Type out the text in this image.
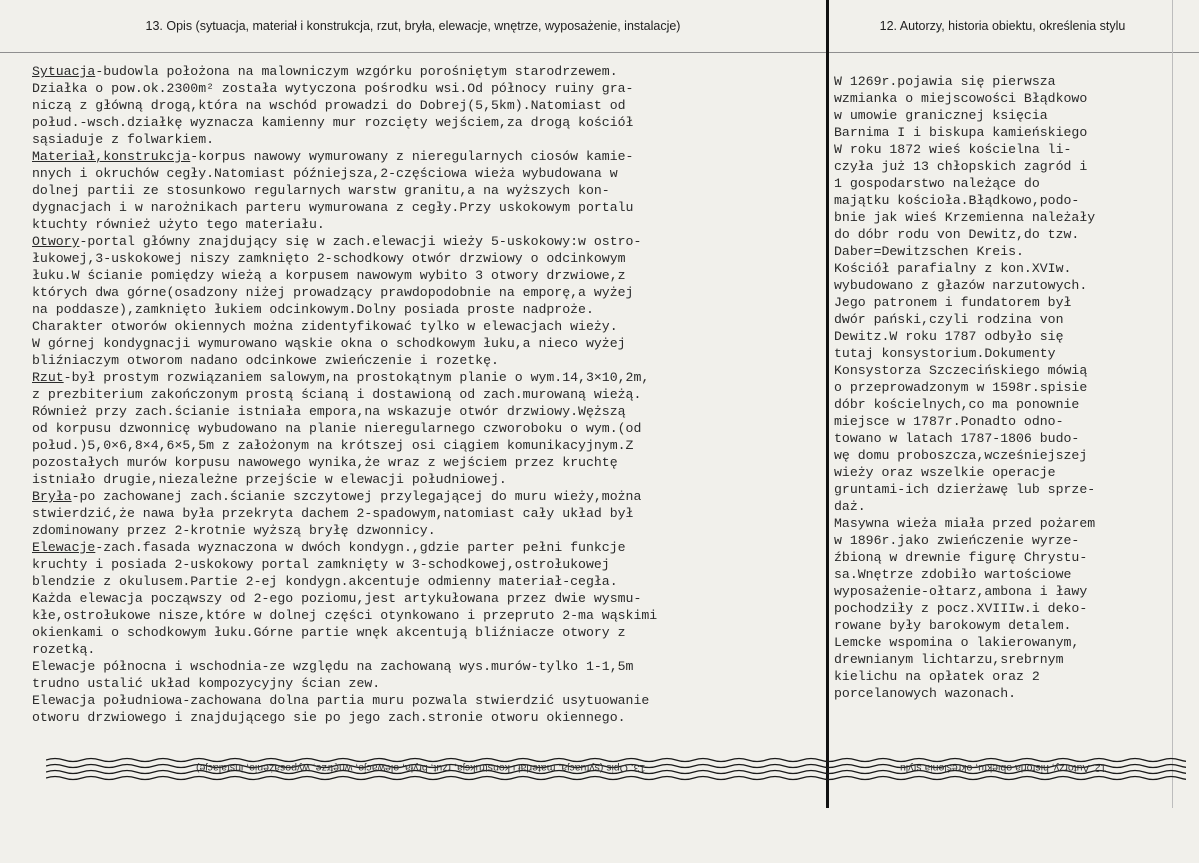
13. Opis (sytuacja, materiał i konstrukcja, rzut, bryła, elewacje, wnętrze, wyposażenie, instalacje)	12. Autorzy, historia obiektu, określenia stylu
Sytuacja-budowla położona na malowniczym wzgórku porośniętym starodrzewem.
Działka o pow.ok.2300m² została wytyczona pośrodku wsi.Od północy ruiny gra-
niczą z główną drogą,która na wschód prowadzi do Dobrej(5,5km).Natomiast od
połud.-wsch.działkę wyznacza kamienny mur rozcięty wejściem,za drogą kościół
sąsiaduje z folwarkiem.
Materiał,konstrukcja-korpus nawowy wymurowany z nieregularnych ciosów kamie-
nnych i okruchów cegły.Natomiast późniejsza,2-częściowa wieża wybudowana w
dolnej partii ze stosunkowo regularnych warstw granitu,a na wyższych kon-
dygnacjach i w narożnikach parteru wymurowana z cegły.Przy uskokowym portalu
ktuchty również użyto tego materiału.
Otwory-portal główny znajdujący się w zach.elewacji wieży 5-uskokowy:w ostro-
łukowej,3-uskokowej niszy zamknięto 2-schodkowy otwór drzwiowy o odcinkowym
łuku.W ścianie pomiędzy wieżą a korpusem nawowym wybito 3 otwory drzwiowe,z
których dwa górne(osadzony niżej prowadzący prawdopodobnie na emporę,a wyżej
na poddasze),zamknięto łukiem odcinkowym.Dolny posiada proste nadproże.
Charakter otworów okiennych można zidentyfikować tylko w elewacjach wieży.
W górnej kondygnacji wymurowano wąskie okna o schodkowym łuku,a nieco wyżej
bliźniaczym otworom nadano odcinkowe zwieńczenie i rozetkę.
Rzut-był prostym rozwiązaniem salowym,na prostokątnym planie o wym.14,3×10,2m,
z prezbiterium zakończonym prostą ścianą i dostawioną od zach.murowaną wieżą.
Również przy zach.ścianie istniała empora,na wskazuje otwór drzwiowy.Węższą
od korpusu dzwonnicę wybudowano na planie nieregularnego czworoboku o wym.(od
połud.)5,0×6,8×4,6×5,5m z założonym na krótszej osi ciągiem komunikacyjnym.Z
pozostałych murów korpusu nawowego wynika,że wraz z wejściem przez kruchtę
istniało drugie,niezależne przejście w elewacji południowej.
Bryła-po zachowanej zach.ścianie szczytowej przylegającej do muru wieży,można
stwierdzić,że nawa była przekryta dachem 2-spadowym,natomiast cały układ był
zdominowany przez 2-krotnie wyższą bryłę dzwonnicy.
Elewacje-zach.fasada wyznaczona w dwóch kondygn.,gdzie parter pełni funkcje
kruchty i posiada 2-uskokowy portal zamknięty w 3-schodkowej,ostrołukowej
blendzie z okulusem.Partie 2-ej kondygn.akcentuje odmienny materiał-cegła.
Każda elewacja począwszy od 2-ego poziomu,jest artykułowana przez dwie wysmu-
kłe,ostrołukowe nisze,które w dolnej części otynkowano i przepruto 2-ma wąskimi
okienkami o schodkowym łuku.Górne partie wnęk akcentują bliźniacze otwory z
rozetką.
Elewacje północna i wschodnia-ze względu na zachowaną wys.murów-tylko 1-1,5m
trudno ustalić układ kompozycyjny ścian zew.
Elewacja południowa-zachowana dolna partia muru pozwala stwierdzić usytuowanie
otworu drzwiowego i znajdującego sie po jego zach.stronie otworu okiennego.
W 1269r.pojawia się pierwsza
wzmianka o miejscowości Błądkowo
w umowie granicznej księcia
Barnima I i biskupa kamieńskiego
W roku 1872 wieś kościelna li-
czyła już 13 chłopskich zagród i
1 gospodarstwo należące do
majątku kościoła.Błądkowo,podo-
bnie jak wieś Krzemienna należały
do dóbr rodu von Dewitz,do tzw.
Daber=Dewitzschen Kreis.
Kościół parafialny z kon.XVIw.
wybudowano z głazów narzutowych.
Jego patronem i fundatorem był
dwór pański,czyli rodzina von
Dewitz.W roku 1787 odbyło się
tutaj konsystorium.Dokumenty
Konsystorza Szczecińskiego mówią
o przeprowadzonym w 1598r.spisie
dóbr kościelnych,co ma ponownie
miejsce w 1787r.Ponadto odno-
towano w latach 1787-1806 budo-
wę domu proboszcza,wcześniejszej
wieży oraz wszelkie operacje
gruntami-ich dzierżawę lub sprze-
daż.
Masywna wieża miała przed pożarem
w 1896r.jako zwieńczenie wyrze-
źbioną w drewnie figurę Chrystu-
sa.Wnętrze zdobiło wartościowe
wyposażenie-ołtarz,ambona i ławy
pochodziły z pocz.XVIIIw.i deko-
rowane były barokowym detalem.
Lemcke wspomina o lakierowanym,
drewnianym lichtarzu,srebrnym
kielichu na opłatek oraz 2
porcelanowych wazonach.
13. Opis (sytuacja, materiał i konstrukcja, rzut, bryła, elewacje, wnętrze, wyposażenie, instalacje)	12. Autorzy, historia obiektu, określenia stylu
